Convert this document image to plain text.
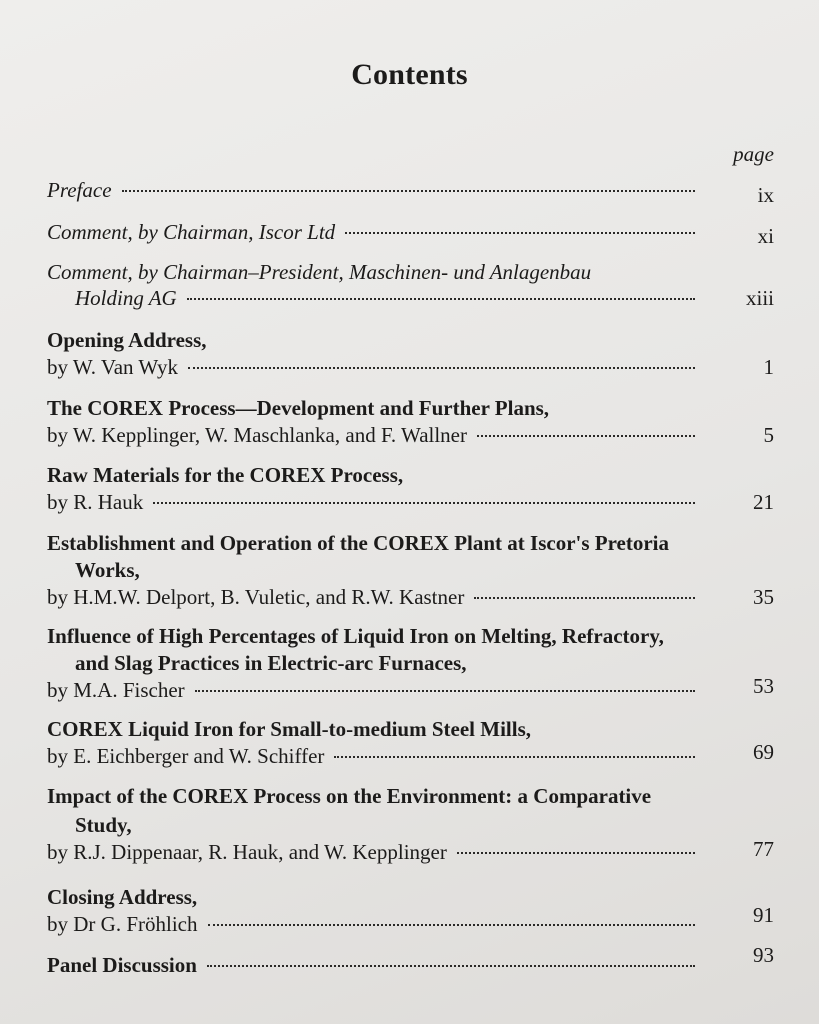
Contents
page
Preface	ix
Comment, by Chairman, Iscor Ltd	xi
Comment, by Chairman–President, Maschinen- und Anlagenbau
Holding AG	xiii
Opening Address,
by W. Van Wyk	1
The COREX Process—Development and Further Plans,
by W. Kepplinger, W. Maschlanka, and F. Wallner	5
Raw Materials for the COREX Process,
by R. Hauk	21
Establishment and Operation of the COREX Plant at Iscor's Pretoria
Works,
by H.M.W. Delport, B. Vuletic, and R.W. Kastner	35
Influence of High Percentages of Liquid Iron on Melting, Refractory,
and Slag Practices in Electric-arc Furnaces,
by M.A. Fischer	53
COREX Liquid Iron for Small-to-medium Steel Mills,
by E. Eichberger and W. Schiffer	69
Impact of the COREX Process on the Environment: a Comparative
Study,
by R.J. Dippenaar, R. Hauk, and W. Kepplinger	77
Closing Address,
by Dr G. Fröhlich	91
Panel Discussion	93
